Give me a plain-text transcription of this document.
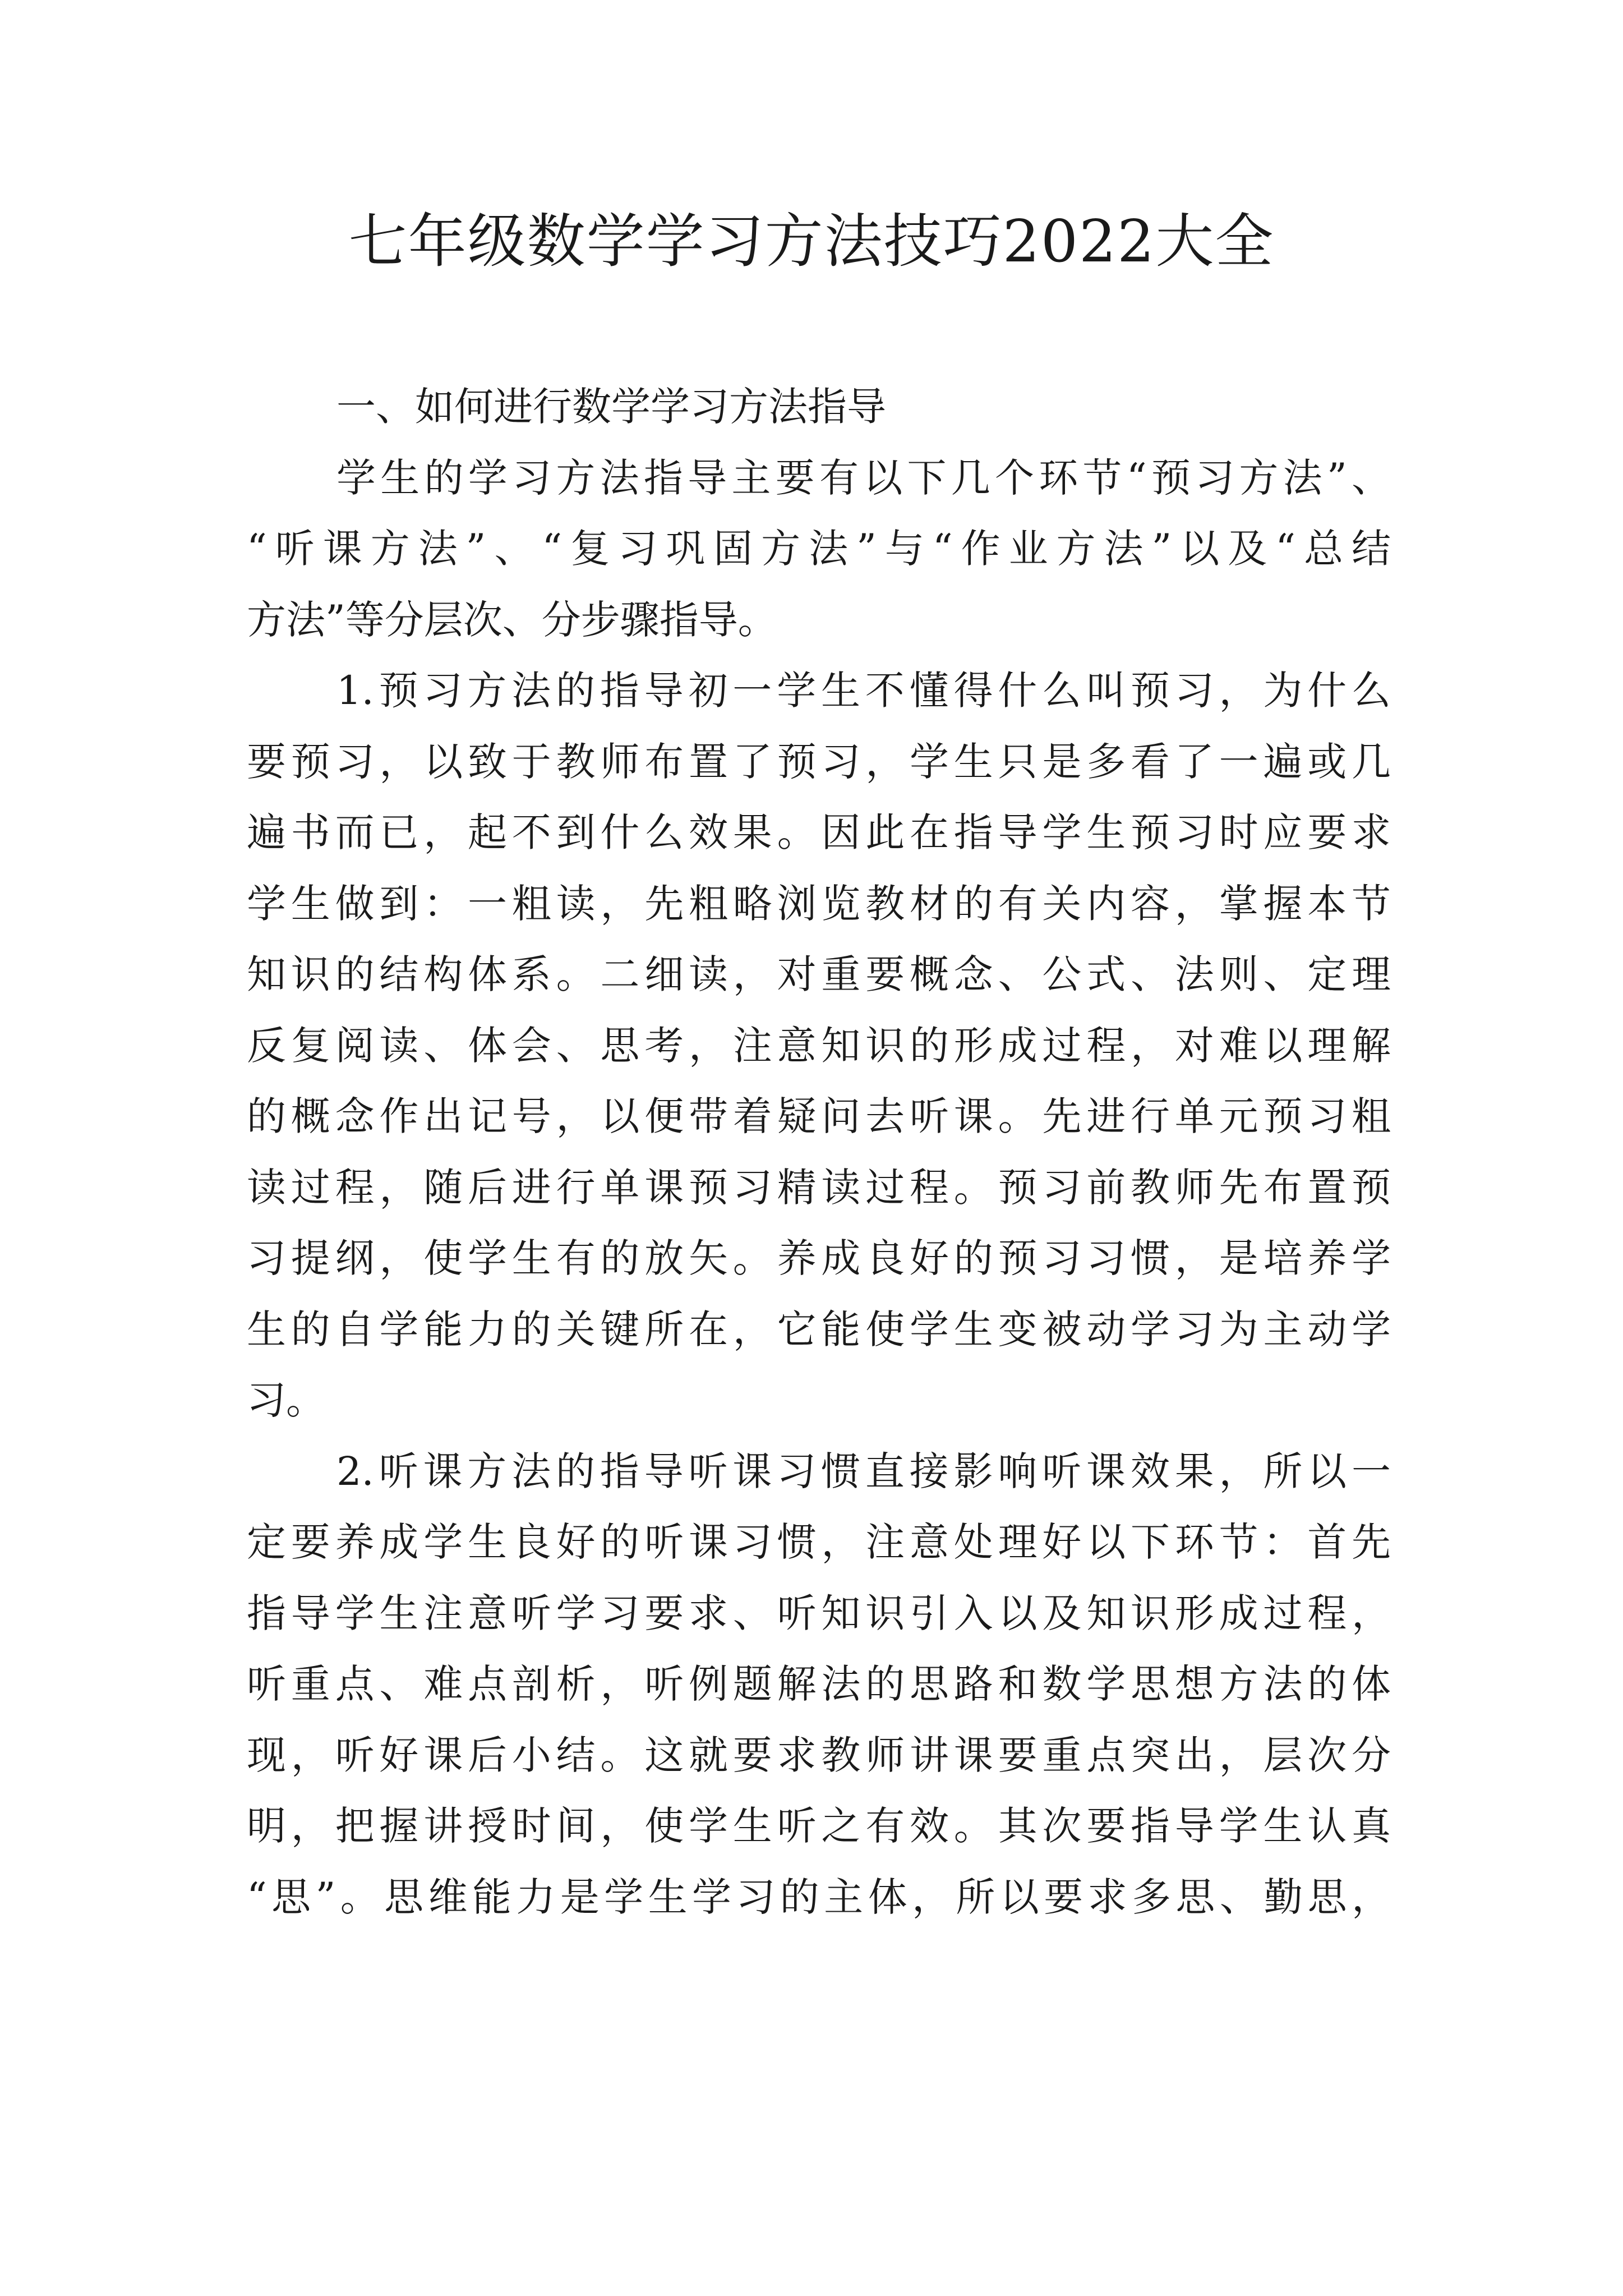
七年级数学学习方法技巧2022大全
一、如何进行数学学习方法指导
学生的学习方法指导主要有以下几个环节“预习方法”、
“听课方法”、“复习巩固方法”与“作业方法”以及“总结
方法”等分层次、分步骤指导。
1.预习方法的指导初一学生不懂得什么叫预习，为什么
要预习，以致于教师布置了预习，学生只是多看了一遍或几
遍书而已，起不到什么效果。因此在指导学生预习时应要求
学生做到：一粗读，先粗略浏览教材的有关内容，掌握本节
知识的结构体系。二细读，对重要概念、公式、法则、定理
反复阅读、体会、思考，注意知识的形成过程，对难以理解
的概念作出记号，以便带着疑问去听课。先进行单元预习粗
读过程，随后进行单课预习精读过程。预习前教师先布置预
习提纲，使学生有的放矢。养成良好的预习习惯，是培养学
生的自学能力的关键所在，它能使学生变被动学习为主动学
习。
2.听课方法的指导听课习惯直接影响听课效果，所以一
定要养成学生良好的听课习惯，注意处理好以下环节：首先
指导学生注意听学习要求、听知识引入以及知识形成过程，
听重点、难点剖析，听例题解法的思路和数学思想方法的体
现，听好课后小结。这就要求教师讲课要重点突出，层次分
明，把握讲授时间，使学生听之有效。其次要指导学生认真
“思”。思维能力是学生学习的主体，所以要求多思、勤思，
